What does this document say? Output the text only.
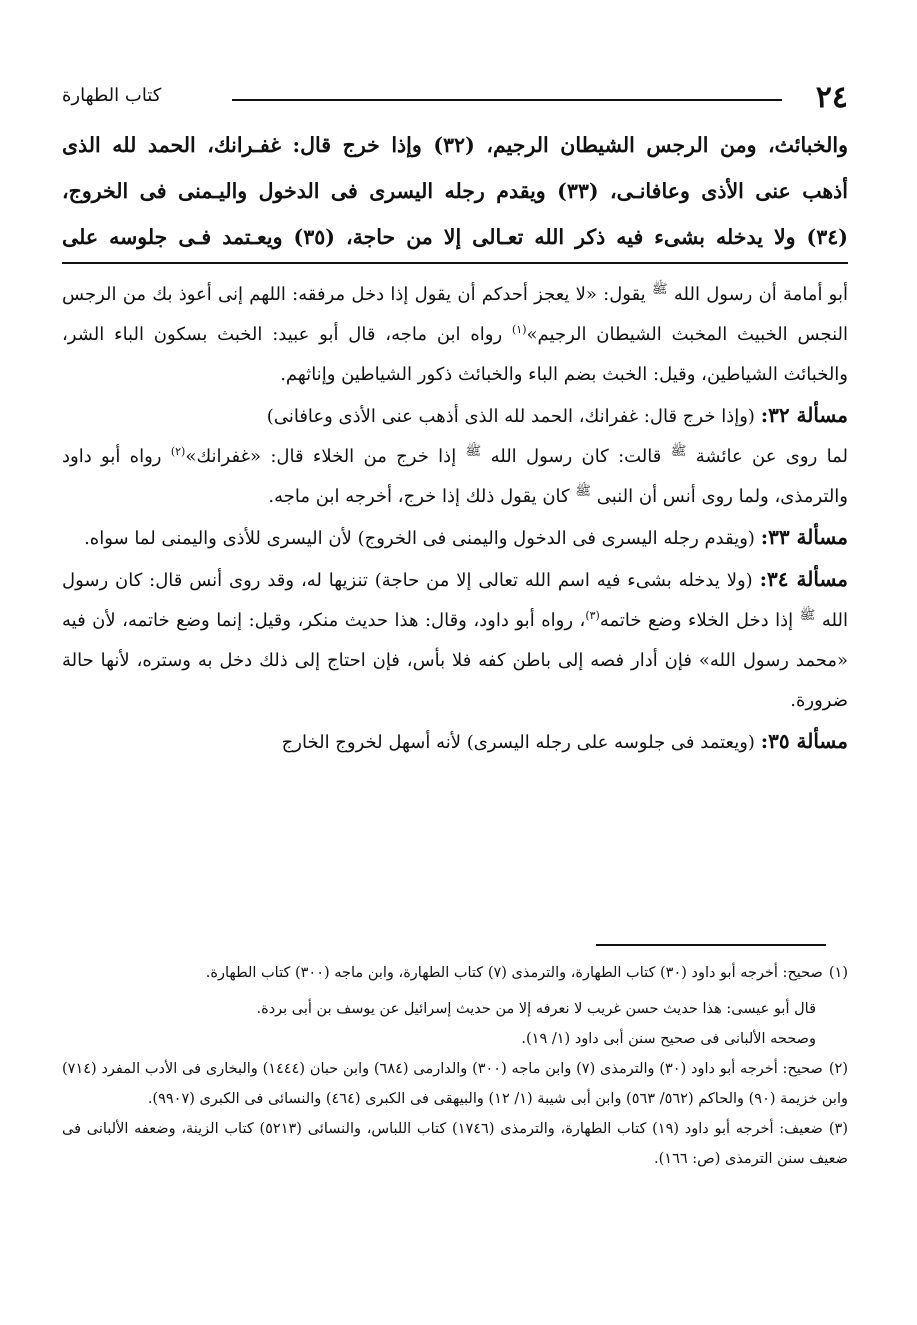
٢٤
كتاب الطهارة

والخبائث، ومن الرجس الشيطان الرجيم، (٣٢) وإذا خرج قال: غفـرانك، الحمد لله الذى

أذهب عنى الأذى وعافانـى، (٣٣) ويقدم رجله اليسرى فى الدخول واليـمنى فى الخروج،

(٣٤) ولا يدخله بشىء فيه ذكر الله تعـالى إلا من حاجة، (٣٥) ويعـتمد فـى جلوسه على

أبو أمامة أن رسول الله $^ﷺ$ يقول: «لا يعجز أحدكم أن يقول إذا دخل مرفقه: اللهم إنى أعوذ بك من الرجس النجس الخبيث المخبث الشيطان الرجيم»$^{(١)}$ رواه ابن ماجه، قال أبو عبيد: الخبث بسكون الباء الشر، والخبائث الشياطين، وقيل: الخبث بضم الباء والخبائث ذكور الشياطين وإناثهم.

مسألة ٣٢: (وإذا خرج قال: غفرانك، الحمد لله الذى أذهب عنى الأذى وعافانى)

لما روى عن عائشة $^ﷺ$ قالت: كان رسول الله $^ﷺ$ إذا خرج من الخلاء قال: «غفرانك»$^{(٢)}$ رواه أبو داود والترمذى، ولما روى أنس أن النبى $^ﷺ$ كان يقول ذلك إذا خرج، أخرجه ابن ماجه.

مسألة ٣٣: (ويقدم رجله اليسرى فى الدخول واليمنى فى الخروج) لأن اليسرى للأذى واليمنى لما سواه.

مسألة ٣٤: (ولا يدخله بشىء فيه اسم الله تعالى إلا من حاجة) تنزيها له، وقد روى أنس قال: كان رسول الله $^ﷺ$ إذا دخل الخلاء وضع خاتمه$^{(٣)}$، رواه أبو داود، وقال: هذا حديث منكر، وقيل: إنما وضع خاتمه، لأن فيه «محمد رسول الله» فإن أدار فصه إلى باطن كفه فلا بأس، فإن احتاج إلى ذلك دخل به وستره، لأنها حالة ضرورة.

مسألة ٣٥: (ويعتمد فى جلوسه على رجله اليسرى) لأنه أسهل لخروج الخارج

(١)صحيح: أخرجه أبو داود (٣٠) كتاب الطهارة، والترمذى (٧) كتاب الطهارة، وابن ماجه (٣٠٠) كتاب الطهارة.

قال أبو عيسى: هذا حديث حسن غريب لا نعرفه إلا من حديث إسرائيل عن يوسف بن أبى بردة.

وصححه الألبانى فى صحيح سنن أبى داود (١/ ١٩).

(٢)صحيح: أخرجه أبو داود (٣٠) والترمذى (٧) وابن ماجه (٣٠٠) والدارمى (٦٨٤) وابن حبان (١٤٤٤) والبخارى فى الأدب المفرد (٧١٤) وابن خزيمة (٩٠) والحاكم (٥٦٢/ ٥٦٣) وابن أبى شيبة (١/ ١٢) والبيهقى فى الكبرى (٤٦٤) والنسائى فى الكبرى (٩٩٠٧).

(٣)ضعيف: أخرجه أبو داود (١٩) كتاب الطهارة، والترمذى (١٧٤٦) كتاب اللباس، والنسائى (٥٢١٣) كتاب الزينة، وضعفه الألبانى فى ضعيف سنن الترمذى (ص: ١٦٦).
